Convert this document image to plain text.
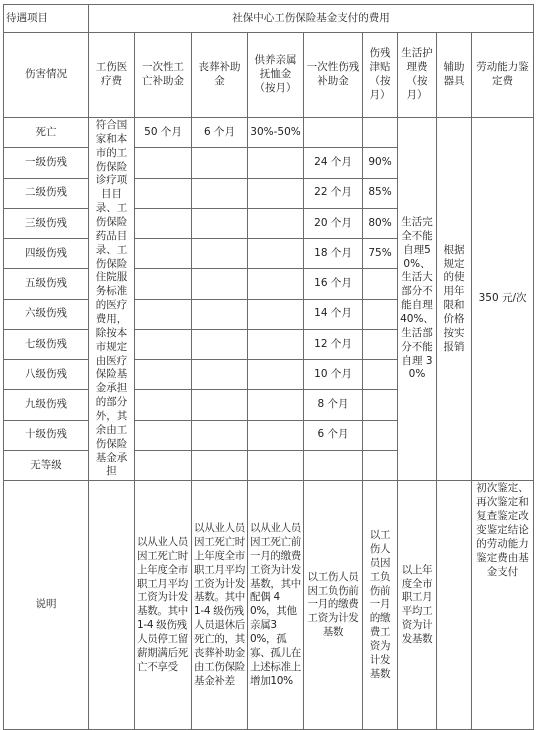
待遇项目	社保中心工伤保险基金支付的费用								
伤害情况	工伤医疗费	一次性工亡补助金	丧葬补助金	供养亲属抚恤金（按月）	一次性伤残补助金	伤残津贴（按月）	生活护理费（按月）	辅助器具	劳动能力鉴定费
死亡	符合国家和本市的工伤保险诊疗项目目录、工伤保险药品目录、工伤保险住院服务标准的医疗费用，除按本市规定由医疗保险基金承担的部分外，其余由工伤保险基金承担	50 个月	6 个月	30%-50%			生活完全不能自理50%、生活大部分不能自理40%、生活部分不能自理 30%	根据规定的使用年限和价格按实报销	350 元/次
一级伤残					24 个月	90%			
二级伤残					22 个月	85%			
三级伤残					20 个月	80%			
四级伤残					18 个月	75%			
五级伤残					16 个月				
六级伤残					14 个月				
七级伤残					12 个月				
八级伤残					10 个月				
九级伤残					8 个月				
十级伤残					6 个月				
无等级									
说明		以从业人员因工死亡时上年度全市职工月平均工资为计发基数。其中1-4 级伤残人员停工留薪期满后死亡不享受	以从业人员因工死亡时上年度全市职工月平均工资为计发基数。其中1-4 级伤残人员退休后死亡的，其丧葬补助金由工伤保险基金补差	以从业人员因工死亡前一月的缴费工资为计发基数，其中配偶 40%，其他亲属30%，孤寡、孤儿在上述标准上增加10%	以工伤人员因工负伤前一月的缴费工资为计发基数	以工伤人员因工负伤前一月的缴费工资为计发基数	以上年度全市职工月平均工资为计发基数		初次鉴定、再次鉴定和复查鉴定改变鉴定结论的劳动能力鉴定费由基金支付
